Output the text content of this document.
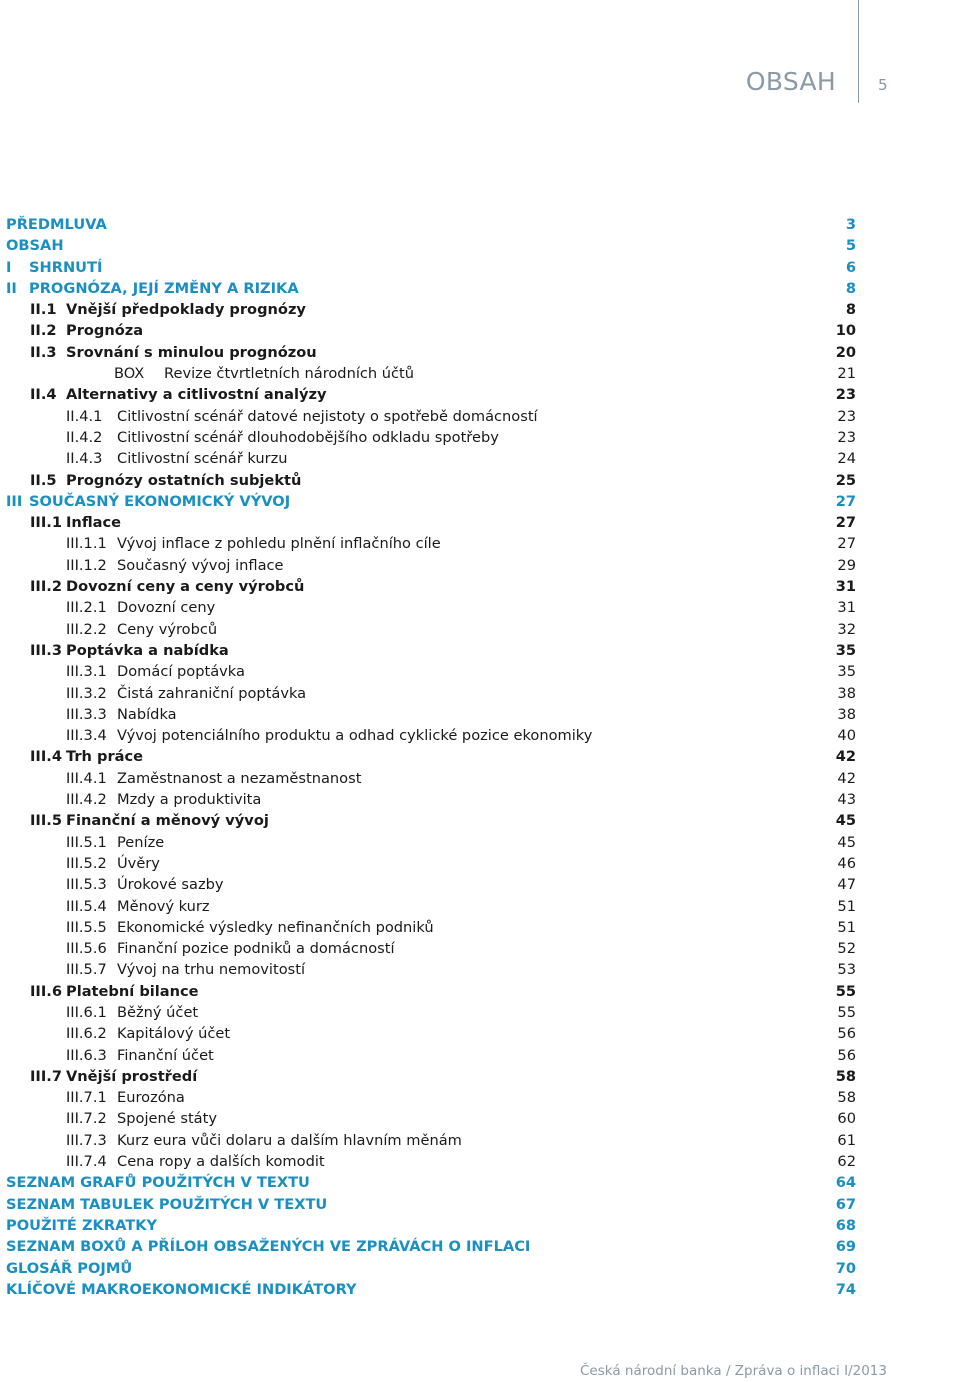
OBSAH	5
PŘEDMLUVA	3
OBSAH	5
I SHRNUTÍ	6
II PROGNÓZA, JEJÍ ZMĚNY A RIZIKA	8
II.1 Vnější předpoklady prognózy	8
II.2 Prognóza	10
II.3 Srovnání s minulou prognózou	20
BOX Revize čtvrtletních národních účtů	21
II.4 Alternativy a citlivostní analýzy	23
II.4.1 Citlivostní scénář datové nejistoty o spotřebě domácností	23
II.4.2 Citlivostní scénář dlouhodobějšího odkladu spotřeby	23
II.4.3 Citlivostní scénář kurzu	24
II.5 Prognózy ostatních subjektů	25
III SOUČASNÝ EKONOMICKÝ VÝVOJ	27
III.1 Inflace	27
III.1.1 Vývoj inflace z pohledu plnění inflačního cíle	27
III.1.2 Současný vývoj inflace	29
III.2 Dovozní ceny a ceny výrobců	31
III.2.1 Dovozní ceny	31
III.2.2 Ceny výrobců	32
III.3 Poptávka a nabídka	35
III.3.1 Domácí poptávka	35
III.3.2 Čistá zahraniční poptávka	38
III.3.3 Nabídka	38
III.3.4 Vývoj potenciálního produktu a odhad cyklické pozice ekonomiky	40
III.4 Trh práce	42
III.4.1 Zaměstnanost a nezaměstnanost	42
III.4.2 Mzdy a produktivita	43
III.5 Finanční a měnový vývoj	45
III.5.1 Peníze	45
III.5.2 Úvěry	46
III.5.3 Úrokové sazby	47
III.5.4 Měnový kurz	51
III.5.5 Ekonomické výsledky nefinančních podniků	51
III.5.6 Finanční pozice podniků a domácností	52
III.5.7 Vývoj na trhu nemovitostí	53
III.6 Platební bilance	55
III.6.1 Běžný účet	55
III.6.2 Kapitálový účet	56
III.6.3 Finanční účet	56
III.7 Vnější prostředí	58
III.7.1 Eurozóna	58
III.7.2 Spojené státy	60
III.7.3 Kurz eura vůči dolaru a dalším hlavním měnám	61
III.7.4 Cena ropy a dalších komodit	62
SEZNAM GRAFŮ POUŽITÝCH V TEXTU	64
SEZNAM TABULEK POUŽITÝCH V TEXTU	67
POUŽITÉ ZKRATKY	68
SEZNAM BOXŮ A PŘÍLOH OBSAŽENÝCH VE ZPRÁVÁCH O INFLACI	69
GLOSÁŘ POJMŮ	70
KLÍČOVÉ MAKROEKONOMICKÉ INDIKÁTORY	74
Česká národní banka / Zpráva o inflaci I/2013
